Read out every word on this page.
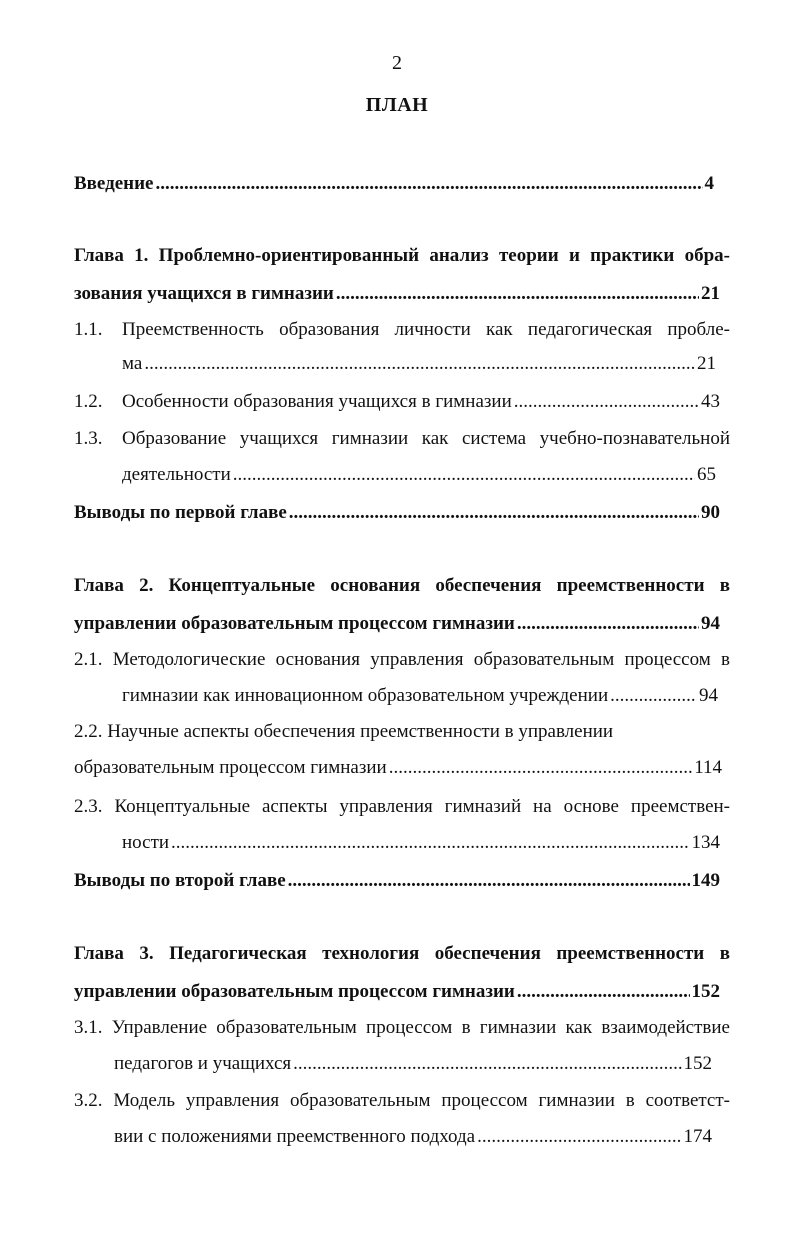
2
ПЛАН
Введение .....	4
Глава 1. Проблемно-ориентированный анализ теории и практики обра-
зования учащихся в гимназии .....	21
1.1. Преемственность образования личности как педагогическая пробле-
ма .....	21
1.2. Особенности образования учащихся в гимназии .....	43
1.3. Образование учащихся гимназии как система учебно-познавательной
деятельности .....	65
Выводы по первой главе .....	90
Глава 2. Концептуальные основания обеспечения преемственности в
управлении образовательным процессом гимназии .....	94
2.1. Методологические основания управления образовательным процессом в
гимназии как инновационном образовательном учреждении .....	94
2.2. Научные аспекты обеспечения преемственности в управлении
образовательным процессом гимназии .....	114
2.3. Концептуальные аспекты управления гимназий на основе преемствен-
ности .....	134
Выводы по второй главе .....	149
Глава 3. Педагогическая технология обеспечения преемственности в
управлении образовательным процессом гимназии .....	152
3.1. Управление образовательным процессом в гимназии как взаимодействие
педагогов и учащихся .....	152
3.2. Модель управления образовательным процессом гимназии в соответст-
вии с положениями преемственного подхода .....	174
